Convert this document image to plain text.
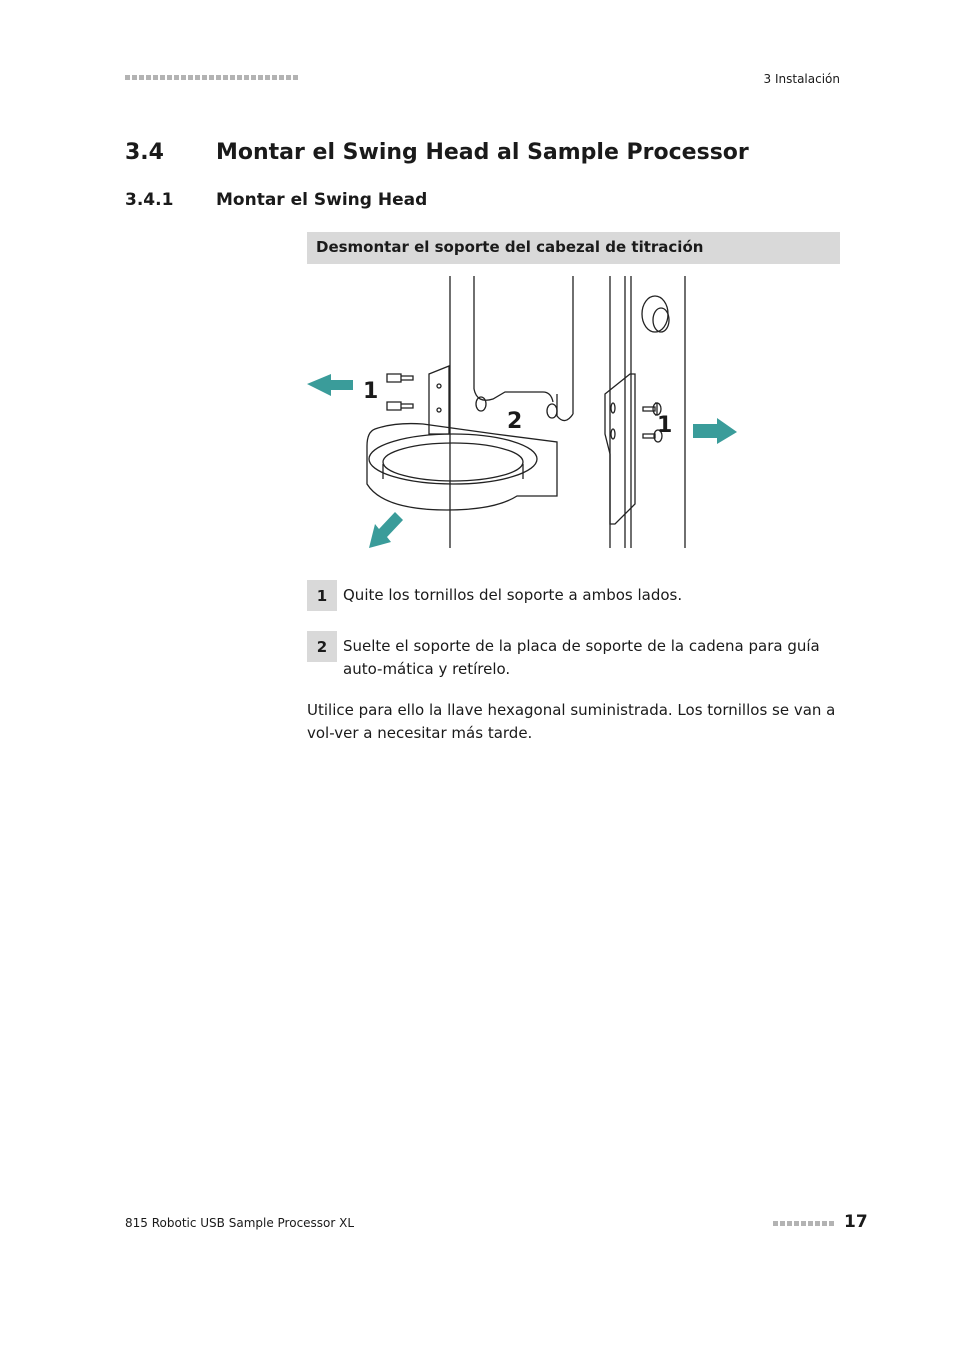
3 Instalación
3.4 Montar el Swing Head al Sample Processor
3.4.1	Montar el Swing Head
Desmontar el soporte del cabezal de titración
1
2	1
1	Quite los tornillos del soporte a ambos lados.
2	Suelte el soporte de la placa de soporte de la cadena para guía auto-mática y retírelo.
Utilice para ello la llave hexagonal suministrada. Los tornillos se van a vol-ver a necesitar más tarde.
815 Robotic USB Sample Processor XL	17
